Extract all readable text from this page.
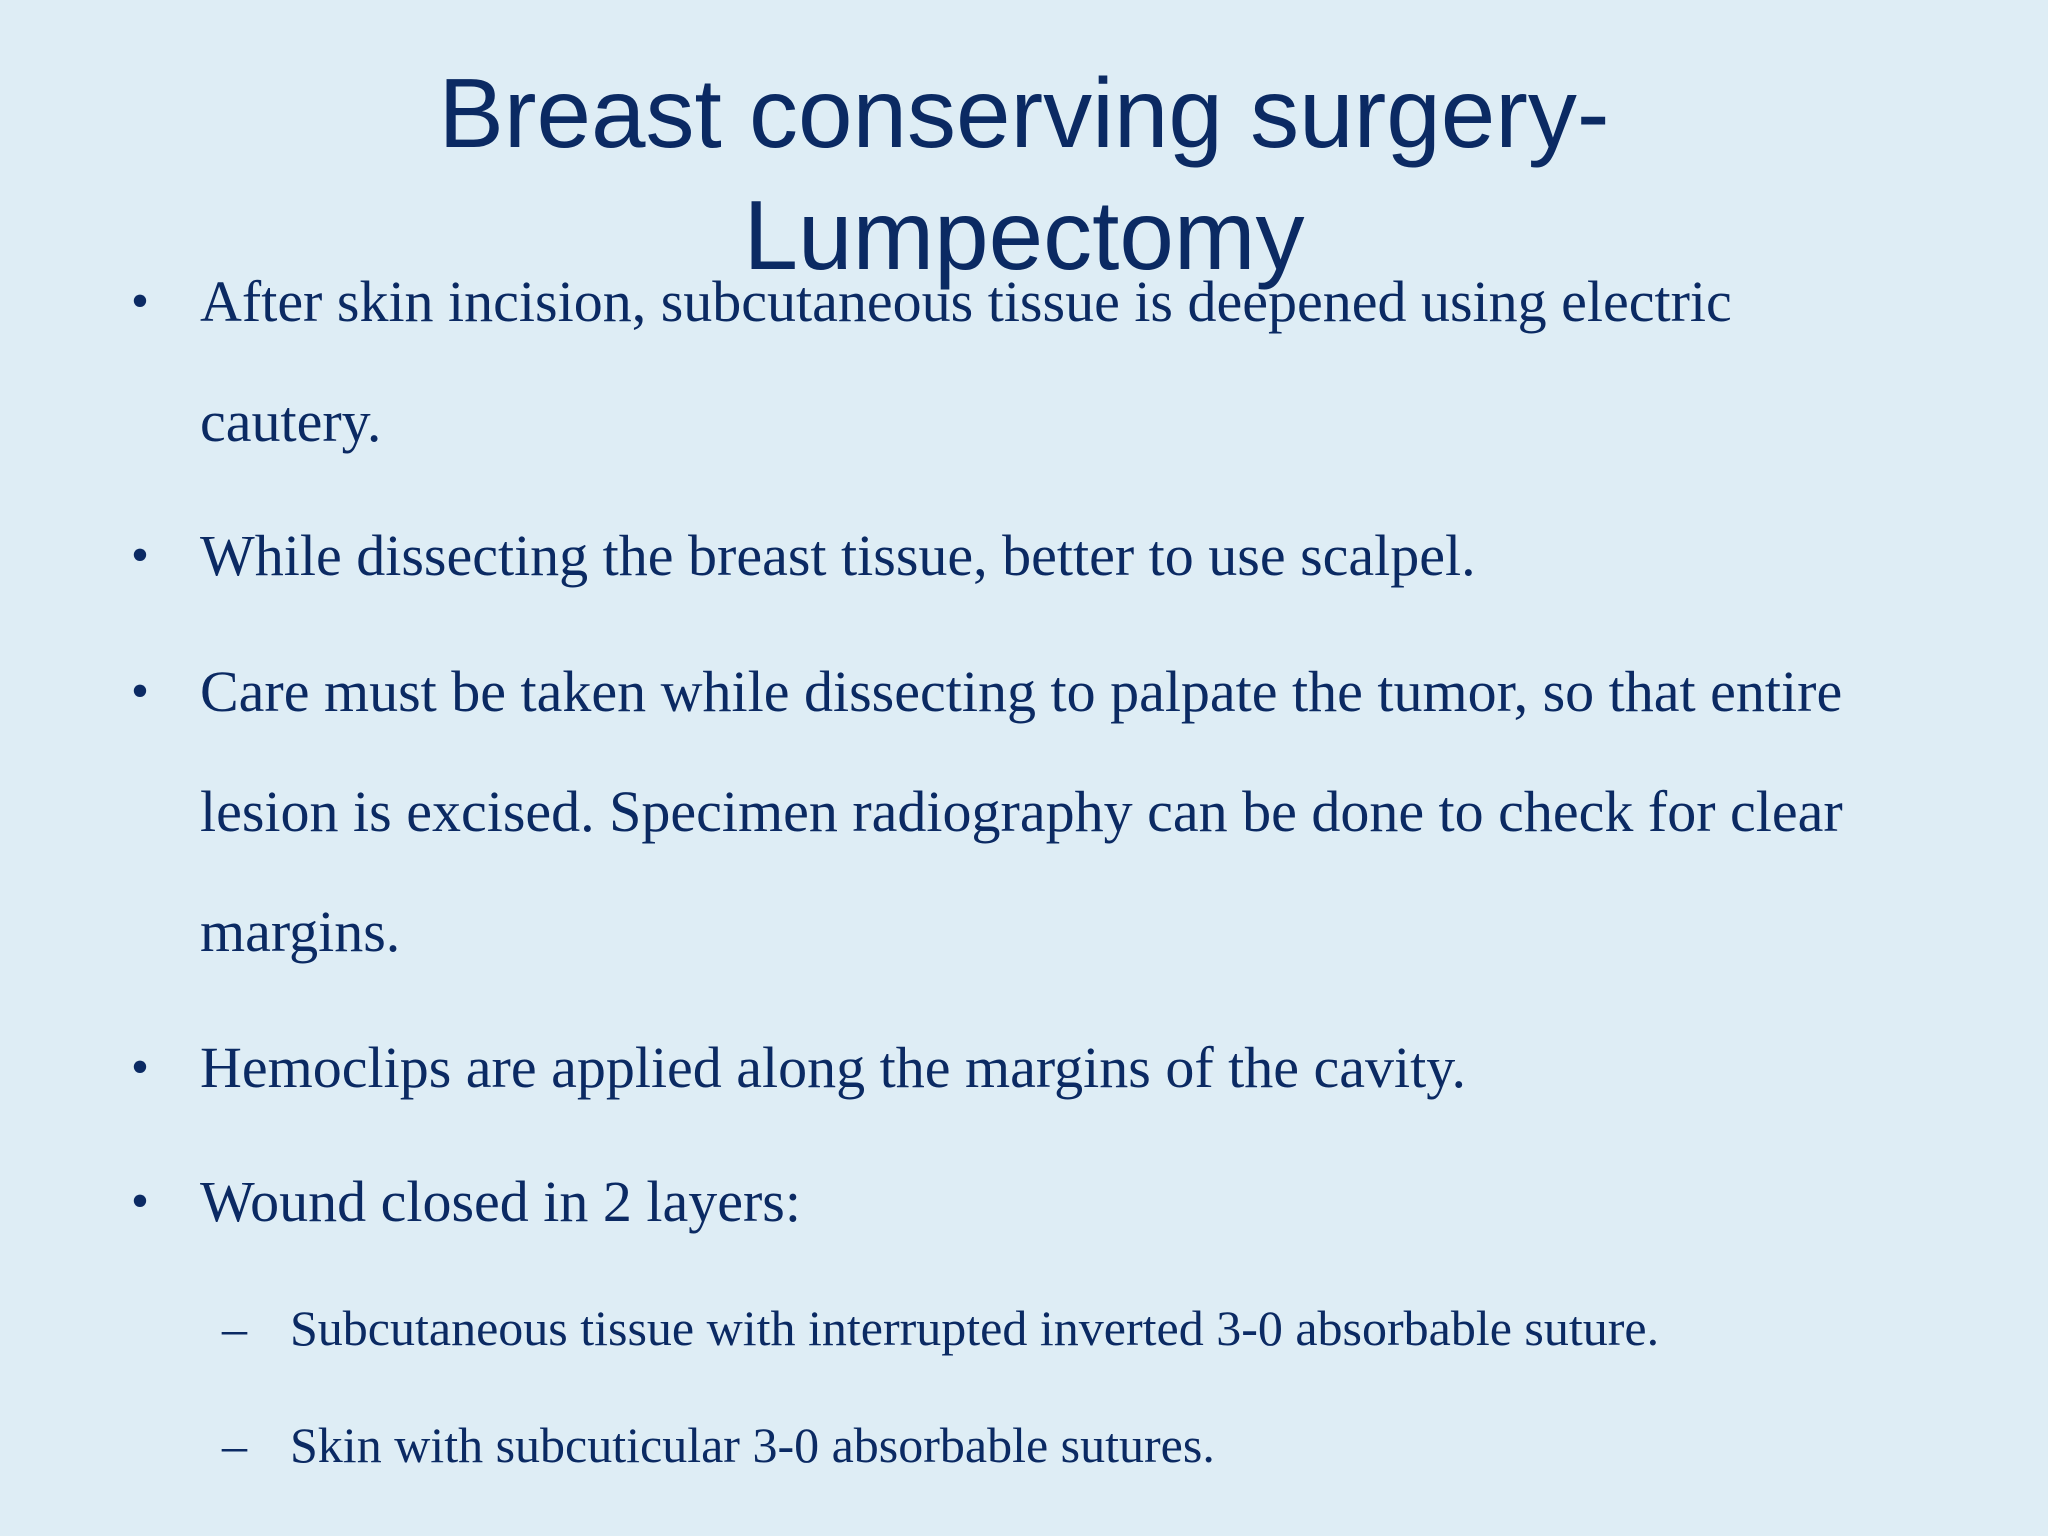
Breast conserving surgery-
Lumpectomy
• After skin incision, subcutaneous tissue is deepened using electric cautery.
• While dissecting the breast tissue, better to use scalpel.
• Care must be taken while dissecting to palpate the tumor, so that entire lesion is excised. Specimen radiography can be done to check for clear margins.
• Hemoclips are applied along the margins of the cavity.
• Wound closed in 2 layers:
– Subcutaneous tissue with interrupted inverted 3-0 absorbable suture.
– Skin with subcuticular 3-0 absorbable sutures.
